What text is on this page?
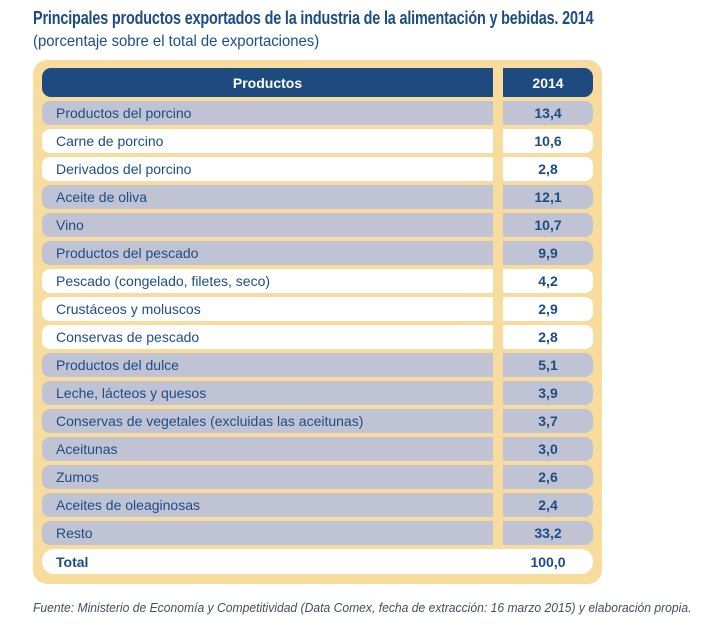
Principales productos exportados de la industria de la alimentación y bebidas. 2014
(porcentaje sobre el total de exportaciones)
Productos	2014
Productos del porcino	13,4
Carne de porcino	10,6
Derivados del porcino	2,8
Aceite de oliva	12,1
Vino	10,7
Productos del pescado	9,9
Pescado (congelado, filetes, seco)	4,2
Crustáceos y moluscos	2,9
Conservas de pescado	2,8
Productos del dulce	5,1
Leche, lácteos y quesos	3,9
Conservas de vegetales (excluidas las aceitunas)	3,7
Aceitunas	3,0
Zumos	2,6
Aceites de oleaginosas	2,4
Resto	33,2
Total	100,0
Fuente: Ministerio de Economía y Competitividad (Data Comex, fecha de extracción: 16 marzo 2015) y elaboración propia.
